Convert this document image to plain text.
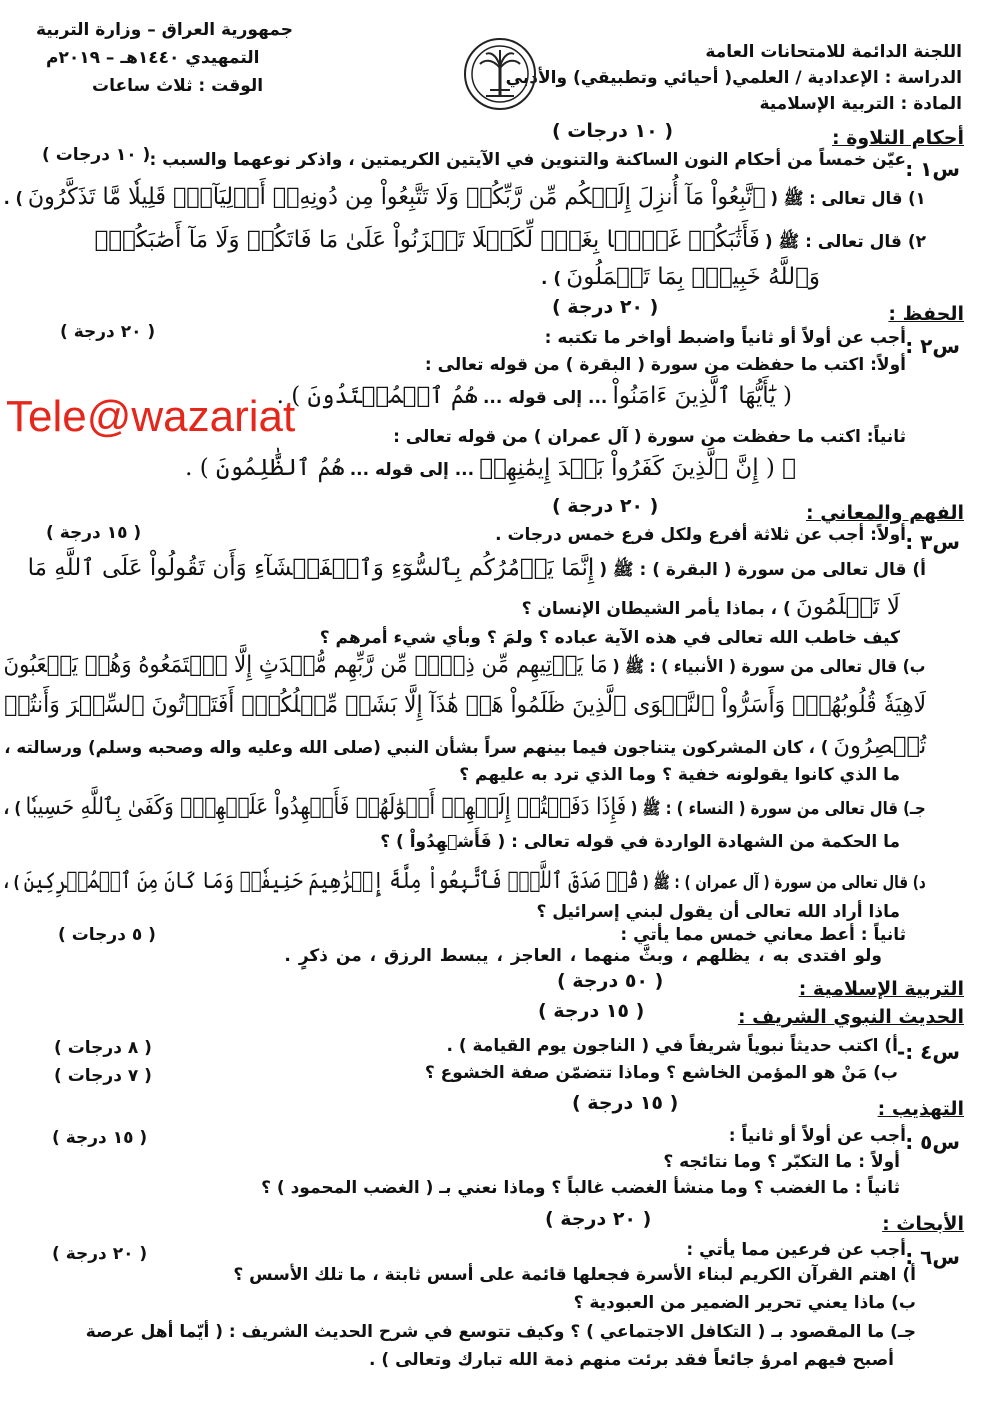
اللجنة الدائمة للامتحانات العامة
الدراسة : الإعدادية / العلمي( أحيائي وتطبيقي) والأدبي
المادة : التربية الإسلامية
جمهورية العراق – وزارة التربية
التمهيدي ١٤٤٠هـ – ٢٠١٩م
الوقت : ثلاث ساعات
أحكام التلاوة :
( ١٠ درجات )
س١ :
عيّن خمساً من أحكام النون الساكنة والتنوين في الآيتين الكريمتين ، واذكر نوعهما والسبب :
( ١٠ درجات )
١) قال تعالى : ﷺ ( ٱتَّبِعُواْ مَآ أُنزِلَ إِلَيۡكُم مِّن رَّبِّكُمۡ وَلَا تَتَّبِعُواْ مِن دُونِهِۦٓ أَوۡلِيَآءَۗ قَلِيلٗا مَّا تَذَكَّرُونَ ) .
٢) قال تعالى : ﷺ ( فَأَثَٰبَكُمۡ غَمَّۢا بِغَمّٖ لِّكَيۡلَا تَحۡزَنُواْ عَلَىٰ مَا فَاتَكُمۡ وَلَا مَآ أَصَٰبَكُمۡۗ
وَٱللَّهُ خَبِيرُۢ بِمَا تَعۡمَلُونَ ) .
الحفظ :
( ٢٠ درجة )
س٢ :
أجب عن أولاً أو ثانياً واضبط أواخر ما تكتبه :
( ٢٠ درجة )
أولاً: اكتب ما حفظت من سورة ( البقرة ) من قوله تعالى :
( يَٰٓأَيُّهَا ٱلَّذِينَ ءَامَنُواْ ... إلى قوله ... هُمُ ٱلۡمُهۡتَدُونَ ) .
ثانياً: اكتب ما حفظت من سورة ( آل عمران ) من قوله تعالى :
ﷺ ( إِنَّ ٱلَّذِينَ كَفَرُواْ بَعۡدَ إِيمَٰنِهِمۡ ... إلى قوله ... هُمُ ٱلظَّٰلِمُونَ ) .
Tele@wazariat
الفهم والمعاني :
( ٢٠ درجة )
س٣ :
أولاً: أجب عن ثلاثة أفرع ولكل فرع خمس درجات .
( ١٥ درجة )
أ) قال تعالى من سورة ( البقرة ) : ﷺ ( إِنَّمَا يَأۡمُرُكُم بِٱلسُّوٓءِ وَٱلۡفَحۡشَآءِ وَأَن تَقُولُواْ عَلَى ٱللَّهِ مَا
لَا تَعۡلَمُونَ ) ، بماذا يأمر الشيطان الإنسان ؟
كيف خاطب الله تعالى في هذه الآية عباده ؟ ولمَ ؟ وبأي شيء أمرهم ؟
ب) قال تعالى من سورة ( الأنبياء ) : ﷺ ( مَا يَأۡتِيهِم مِّن ذِكۡرٖ مِّن رَّبِّهِم مُّحۡدَثٍ إِلَّا ٱسۡتَمَعُوهُ وَهُمۡ يَلۡعَبُونَ
لَاهِيَةٗ قُلُوبُهُمۡۗ وَأَسَرُّواْ ٱلنَّجۡوَى ٱلَّذِينَ ظَلَمُواْ هَلۡ هَٰذَآ إِلَّا بَشَرٞ مِّثۡلُكُمۡۖ أَفَتَأۡتُونَ ٱلسِّحۡرَ وَأَنتُمۡ
تُبۡصِرُونَ ) ، كان المشركون يتناجون فيما بينهم سراً بشأن النبي (صلى الله وعليه واله وصحبه وسلم) ورسالته ،
ما الذي كانوا يقولونه خفية ؟ وما الذي ترد به عليهم ؟
جـ) قال تعالى من سورة ( النساء ) : ﷺ ( فَإِذَا دَفَعۡتُمۡ إِلَيۡهِمۡ أَمۡوَٰلَهُمۡ فَأَشۡهِدُواْ عَلَيۡهِمۡۚ وَكَفَىٰ بِٱللَّهِ حَسِيبٗا ) ،
ما الحكمة من الشهادة الواردة في قوله تعالى : ( فَأَشۡهِدُواْ ) ؟
د) قال تعالى من سورة ( آل عمران ) : ﷺ ( قُلۡ صَدَقَ ٱللَّهُۗ فَٱتَّبِعُواْ مِلَّةَ إِبۡرَٰهِيمَ حَنِيفٗاۖ وَمَا كَانَ مِنَ ٱلۡمُشۡرِكِينَ ) ،
ماذا أراد الله تعالى أن يقول لبني إسرائيل ؟
ثانياً : أعط معاني خمس مما يأتي :
( ٥ درجات )
ولو افتدى به ، يظلهم ، وبثَّ منهما ، العاجز ، يبسط الرزق ، من ذكرٍ .
التربية الإسلامية :
( ٥٠ درجة )
الحديث النبوي الشريف :
( ١٥ درجة )
س٤ :-
أ) اكتب حديثاً نبوياً شريفاً في ( الناجون يوم القيامة ) .
( ٨ درجات )
ب) مَنْ هو المؤمن الخاشع ؟ وماذا تتضمّن صفة الخشوع ؟
( ٧ درجات )
التهذيب :
( ١٥ درجة )
س٥ :
أجب عن أولاً أو ثانياً :
( ١٥ درجة )
أولاً : ما التكبّر ؟ وما نتائجه ؟
ثانياً : ما الغضب ؟ وما منشأ الغضب غالباً ؟ وماذا نعني بـ ( الغضب المحمود ) ؟
الأبحاث :
( ٢٠ درجة )
س٦ :
أجب عن فرعين مما يأتي :
( ٢٠ درجة )
أ) اهتم القرآن الكريم لبناء الأسرة فجعلها قائمة على أسس ثابتة ، ما تلك الأسس ؟
ب) ماذا يعني تحرير الضمير من العبودية ؟
جـ) ما المقصود بـ ( التكافل الاجتماعي ) ؟ وكيف تتوسع في شرح الحديث الشريف : ( أيّما أهل عرصة
أصبح فيهم امرؤ جائعاً فقد برئت منهم ذمة الله تبارك وتعالى ) .
